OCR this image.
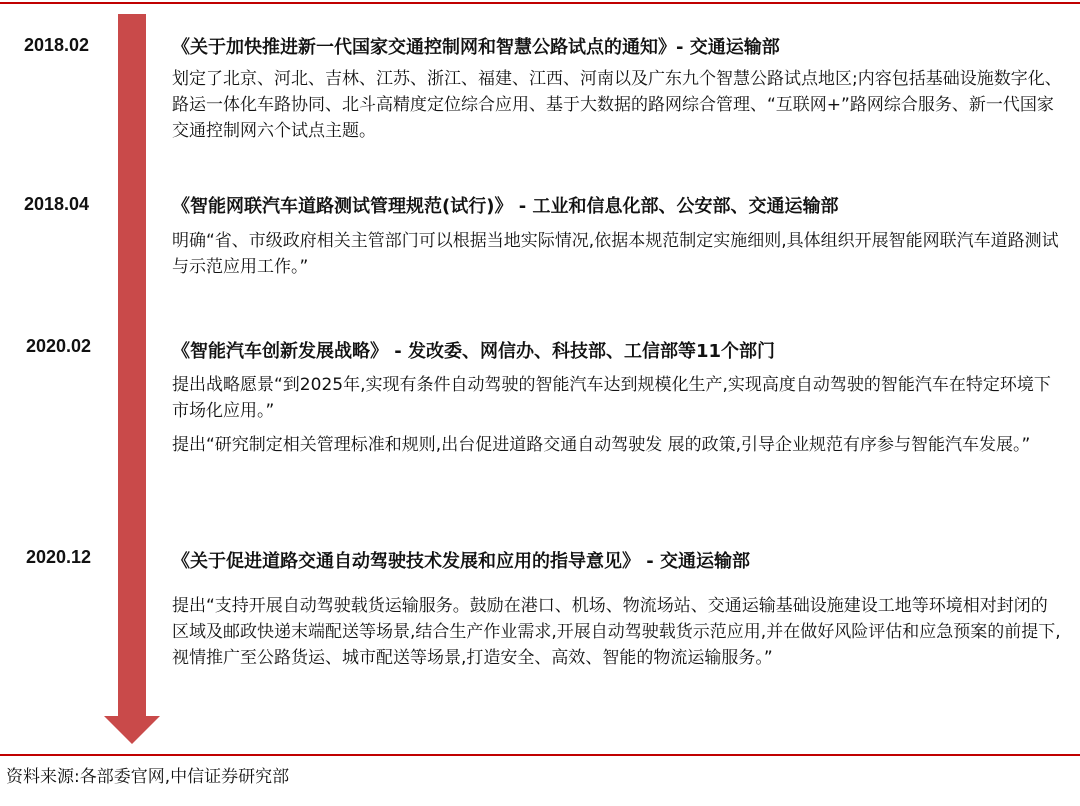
2018.02	《关于加快推进新一代国家交通控制网和智慧公路试点的通知》- 交通运输部
划定了北京、河北、吉林、江苏、浙江、福建、江西、河南以及广东九个智慧公路试点地区;内容包括基础设施数字化、路运一体化车路协同、北斗高精度定位综合应用、基于大数据的路网综合管理、“互联网+”路网综合服务、新一代国家交通控制网六个试点主题。
2018.04	《智能网联汽车道路测试管理规范(试行)》 - 工业和信息化部、公安部、交通运输部
明确“省、市级政府相关主管部门可以根据当地实际情况,依据本规范制定实施细则,具体组织开展智能网联汽车道路测试与示范应用工作。”
2020.02	《智能汽车创新发展战略》 - 发改委、网信办、科技部、工信部等11个部门
提出战略愿景“到2025年,实现有条件自动驾驶的智能汽车达到规模化生产,实现高度自动驾驶的智能汽车在特定环境下市场化应用。”
提出“研究制定相关管理标准和规则,出台促进道路交通自动驾驶发 展的政策,引导企业规范有序参与智能汽车发展。”
2020.12	《关于促进道路交通自动驾驶技术发展和应用的指导意见》 - 交通运输部
提出“支持开展自动驾驶载货运输服务。鼓励在港口、机场、物流场站、交通运输基础设施建设工地等环境相对封闭的区域及邮政快递末端配送等场景,结合生产作业需求,开展自动驾驶载货示范应用,并在做好风险评估和应急预案的前提下,视情推广至公路货运、城市配送等场景,打造安全、高效、智能的物流运输服务。”
资料来源:各部委官网,中信证券研究部
